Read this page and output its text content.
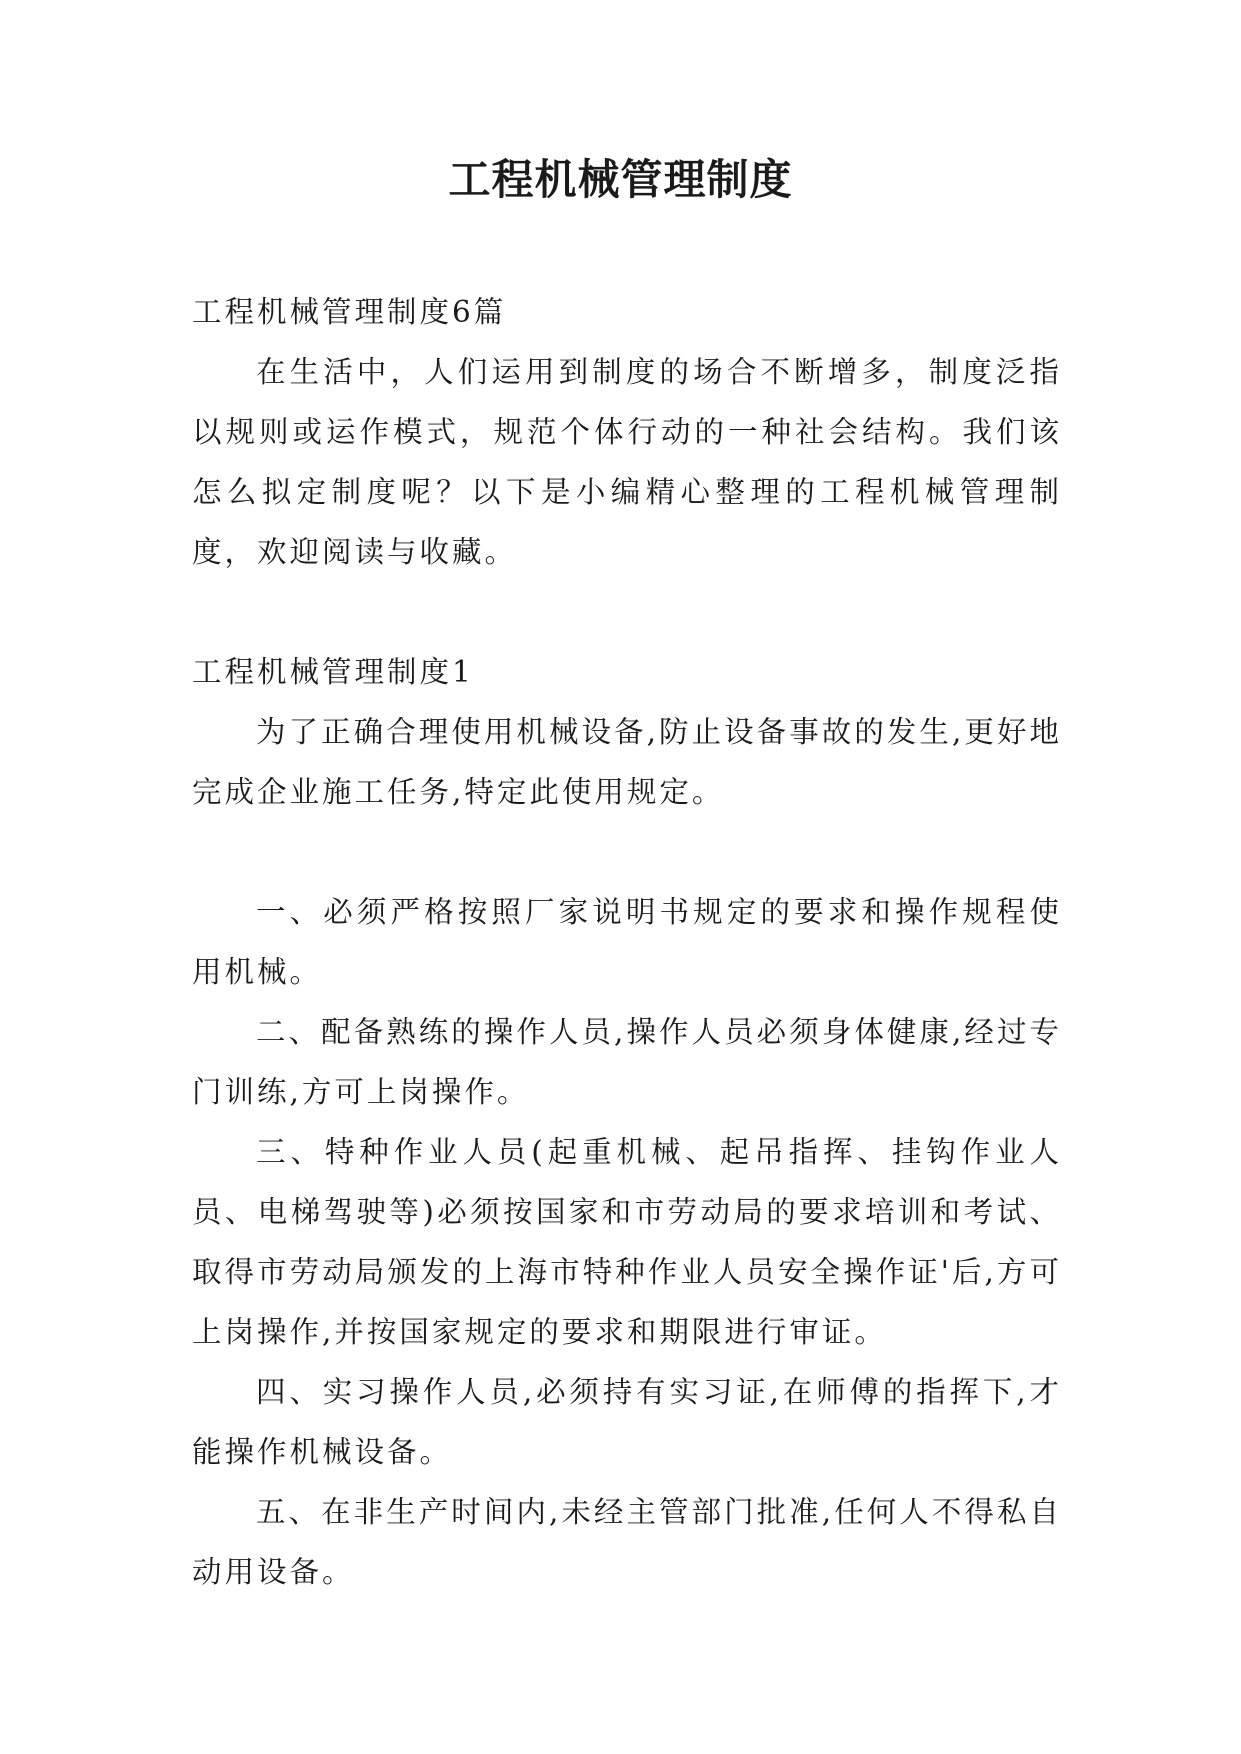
工程机械管理制度

工程机械管理制度6篇

在生活中，人们运用到制度的场合不断增多，制度泛指以规则或运作模式，规范个体行动的一种社会结构。我们该怎么拟定制度呢？以下是小编精心整理的工程机械管理制度，欢迎阅读与收藏。

工程机械管理制度1

为了正确合理使用机械设备,防止设备事故的发生,更好地完成企业施工任务,特定此使用规定。

一、必须严格按照厂家说明书规定的要求和操作规程使用机械。

二、配备熟练的操作人员,操作人员必须身体健康,经过专门训练,方可上岗操作。

三、特种作业人员(起重机械、起吊指挥、挂钩作业人员、电梯驾驶等)必须按国家和市劳动局的要求培训和考试、取得市劳动局颁发的上海市特种作业人员安全操作证'后,方可上岗操作,并按国家规定的要求和期限进行审证。

四、实习操作人员,必须持有实习证,在师傅的指挥下,才能操作机械设备。

五、在非生产时间内,未经主管部门批准,任何人不得私自动用设备。
